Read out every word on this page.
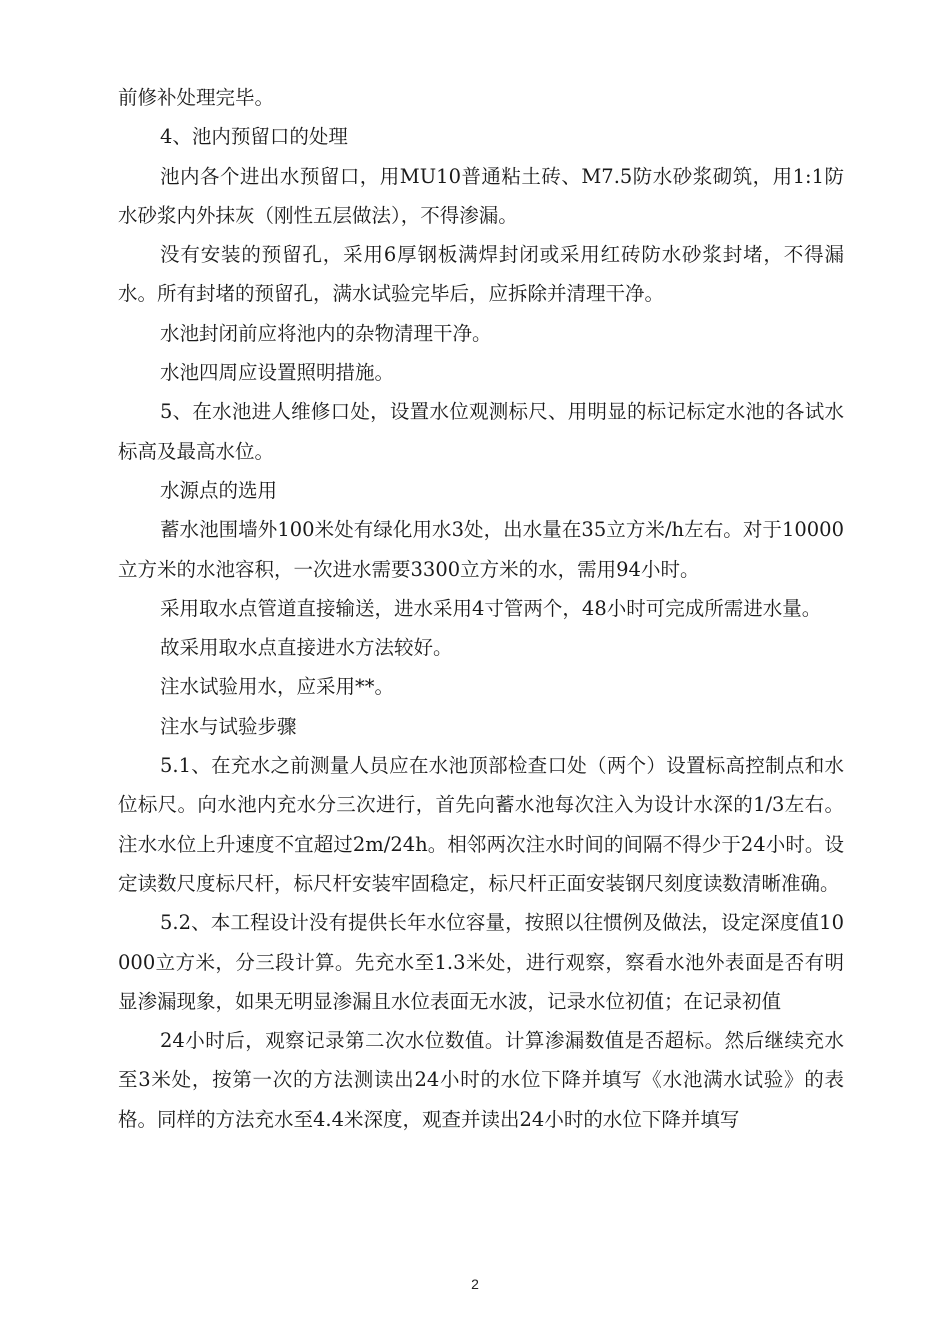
前修补处理完毕。

4、池内预留口的处理

池内各个进出水预留口，用MU10普通粘土砖、M7.5防水砂浆砌筑，用1:1防水砂浆内外抹灰（刚性五层做法），不得渗漏。

没有安装的预留孔，采用6厚钢板满焊封闭或采用红砖防水砂浆封堵，不得漏水。所有封堵的预留孔，满水试验完毕后，应拆除并清理干净。

水池封闭前应将池内的杂物清理干净。

水池四周应设置照明措施。

5、在水池进人维修口处，设置水位观测标尺、用明显的标记标定水池的各试水标高及最高水位。

水源点的选用

蓄水池围墙外100米处有绿化用水3处，出水量在35立方米/h左右。对于10000立方米的水池容积，一次进水需要3300立方米的水，需用94小时。

采用取水点管道直接输送，进水采用4寸管两个，48小时可完成所需进水量。

故采用取水点直接进水方法较好。

注水试验用水，应采用**。

注水与试验步骤

5.1、在充水之前测量人员应在水池顶部检查口处（两个）设置标高控制点和水位标尺。向水池内充水分三次进行，首先向蓄水池每次注入为设计水深的1/3左右。注水水位上升速度不宜超过2m/24h。相邻两次注水时间的间隔不得少于24小时。设定读数尺度标尺杆，标尺杆安装牢固稳定，标尺杆正面安装钢尺刻度读数清晰准确。

5.2、本工程设计没有提供长年水位容量，按照以往惯例及做法，设定深度值10000立方米，分三段计算。先充水至1.3米处，进行观察，察看水池外表面是否有明显渗漏现象，如果无明显渗漏且水位表面无水波，记录水位初值；在记录初值

24小时后，观察记录第二次水位数值。计算渗漏数值是否超标。然后继续充水至3米处，按第一次的方法测读出24小时的水位下降并填写《水池满水试验》的表格。同样的方法充水至4.4米深度，观查并读出24小时的水位下降并填写

2
